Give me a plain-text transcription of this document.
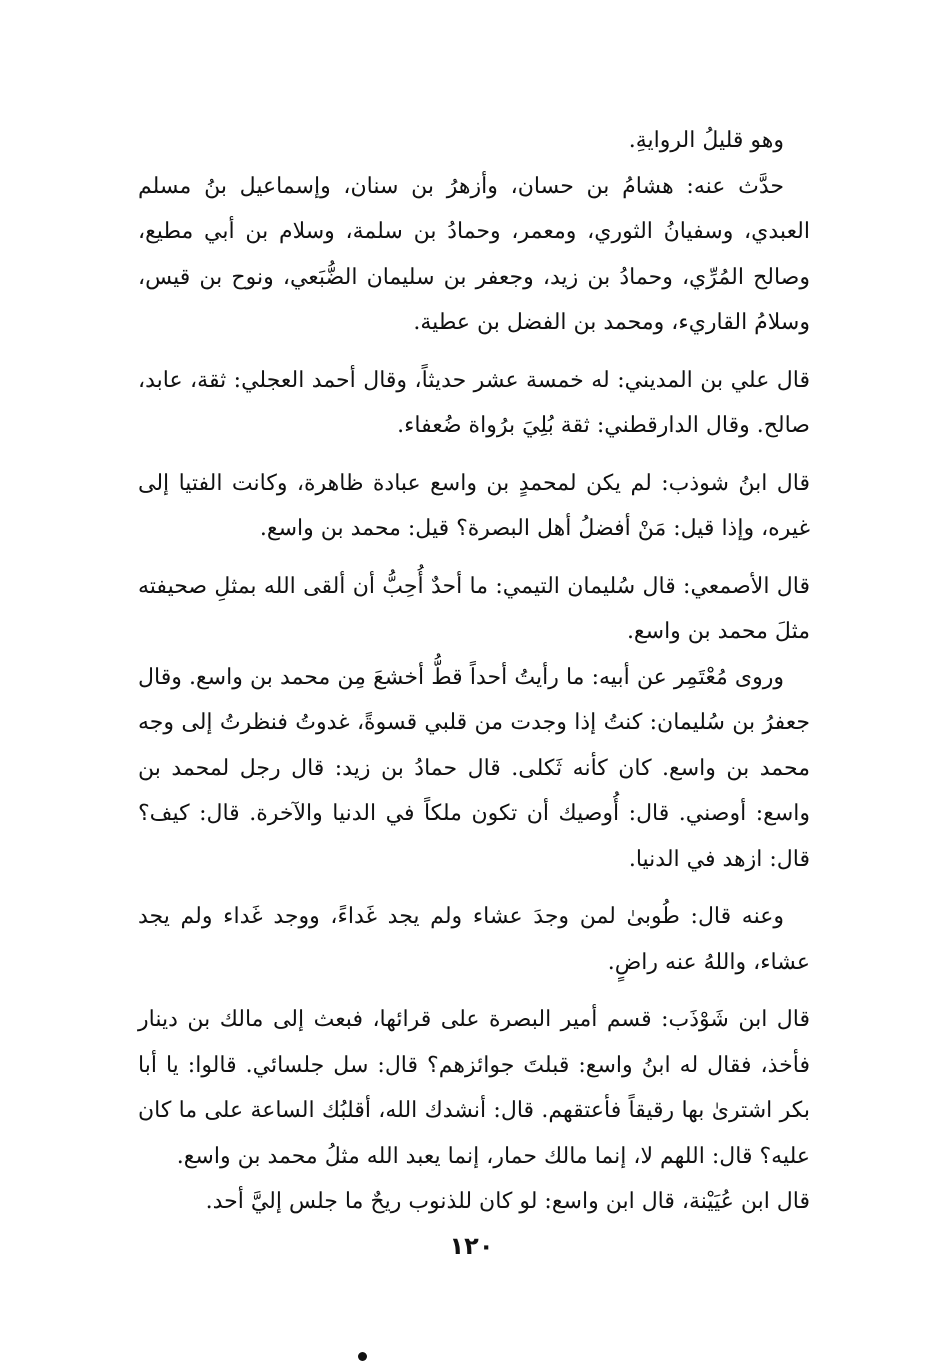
وهو قليلُ الروايةِ.

حدَّث عنه: هشامُ بن حسان، وأزهرُ بن سنان، وإسماعيل بنُ مسلم العبدي، وسفيانُ الثوري، ومعمر، وحمادُ بن سلمة، وسلام بن أبي مطيع، وصالح المُرِّي، وحمادُ بن زيد، وجعفر بن سليمان الضُّبَعي، ونوح بن قيس، وسلامُ القاريء، ومحمد بن الفضل بن عطية.

قال علي بن المديني: له خمسة عشر حديثاً، وقال أحمد العجلي: ثقة، عابد، صالح. وقال الدارقطني: ثقة بُلِيَ برُواة ضُعفاء.

قال ابنُ شوذب: لم يكن لمحمدٍ بن واسع عبادة ظاهرة، وكانت الفتيا إلى غيره، وإذا قيل: مَنْ أفضلُ أهل البصرة؟ قيل: محمد بن واسع.

قال الأصمعي: قال سُليمان التيمي: ما أحدٌ أُحِبُّ أن ألقى الله بمثلِ صحيفته مثلَ محمد بن واسع.

وروى مُعْتَمِر عن أبيه: ما رأيتُ أحداً قطُّ أخشعَ مِن محمد بن واسع. وقال جعفرُ بن سُليمان: كنتُ إذا وجدت من قلبي قسوةً، غدوتُ فنظرتُ إلى وجه محمد بن واسع. كان كأنه ثَكلى. قال حمادُ بن زيد: قال رجل لمحمد بن واسع: أوصني. قال: أُوصيك أن تكون ملكاً في الدنيا والآخرة. قال: كيف؟ قال: ازهد في الدنيا.

وعنه قال: طُوبىٰ لمن وجدَ عشاء ولم يجد غَداءً، ووجد غَداء ولم يجد عشاء، واللهُ عنه راضٍ.

قال ابن شَوْذَب: قسم أمير البصرة على قرائها، فبعث إلى مالك بن دينار فأخذ، فقال له ابنُ واسع: قبلتَ جوائزهم؟ قال: سل جلسائي. قالوا: يا أبا بكر اشترىٰ بها رقيقاً فأعتقهم. قال: أنشدك الله، أقلبُك الساعة على ما كان عليه؟ قال: اللهم لا، إنما مالك حمار، إنما يعبد الله مثلُ محمد بن واسع.

قال ابن عُيَيْنة، قال ابن واسع: لو كان للذنوب ريحٌ ما جلس إليَّ أحد.

١٢٠
